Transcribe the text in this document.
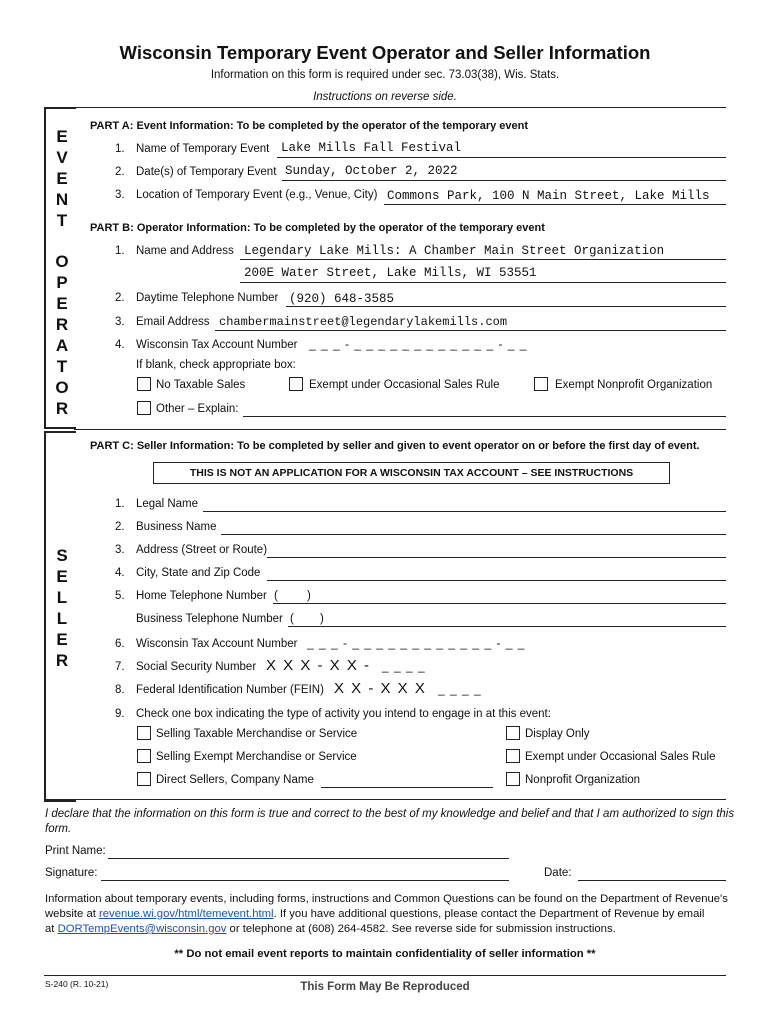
Wisconsin Temporary Event Operator and Seller Information
Information on this form is required under sec. 73.03(38), Wis. Stats.
Instructions on reverse side.
E
V
E
N
T
O
P
E
R
A
T
O
R
S
E
L
L
E
R
PART A: Event Information: To be completed by the operator of the temporary event
1. Name of Temporary Event Lake Mills Fall Festival
2. Date(s) of Temporary Event Sunday, October 2, 2022
3. Location of Temporary Event (e.g., Venue, City) Commons Park, 100 N Main Street, Lake Mills
PART B: Operator Information: To be completed by the operator of the temporary event
1. Name and Address Legendary Lake Mills: A Chamber Main Street Organization
200E Water Street, Lake Mills, WI 53551
2. Daytime Telephone Number (920) 648-3585
3. Email Address chambermainstreet@legendarylakemills.com
4. Wisconsin Tax Account Number _ _ _ - _ _ _ _ _ _ _ _ _ _ _ _ - _ _
If blank, check appropriate box:
No Taxable Sales	Exempt under Occasional Sales Rule	Exempt Nonprofit Organization
Other – Explain:
PART C: Seller Information: To be completed by seller and given to event operator on or before the first day of event.
THIS IS NOT AN APPLICATION FOR A WISCONSIN TAX ACCOUNT – SEE INSTRUCTIONS
1. Legal Name
2. Business Name
3. Address (Street or Route)
4. City, State and Zip Code
5. Home Telephone Number (	)
Business Telephone Number ( )
6. Wisconsin Tax Account Number _ _ _ - _ _ _ _ _ _ _ _ _ _ _ _ - _ _
7. Social Security Number X X X - X X - _ _ _ _
8. Federal Identification Number (FEIN) X X - X X X _ _ _ _
9. Check one box indicating the type of activity you intend to engage in at this event:
Selling Taxable Merchandise or Service	Display Only
Selling Exempt Merchandise or Service	Exempt under Occasional Sales Rule
Direct Sellers, Company Name	Nonprofit Organization
I declare that the information on this form is true and correct to the best of my knowledge and belief and that I am authorized to sign this form.
Print Name:
Signature:	Date:
Information about temporary events, including forms, instructions and Common Questions can be found on the Department of Revenue's
website at revenue.wi.gov/html/temevent.html. If you have additional questions, please contact the Department of Revenue by email
at DORTempEvents@wisconsin.gov or telephone at (608) 264-4582. See reverse side for submission instructions.
** Do not email event reports to maintain confidentiality of seller information **
S-240 (R. 10-21)	This Form May Be Reproduced
